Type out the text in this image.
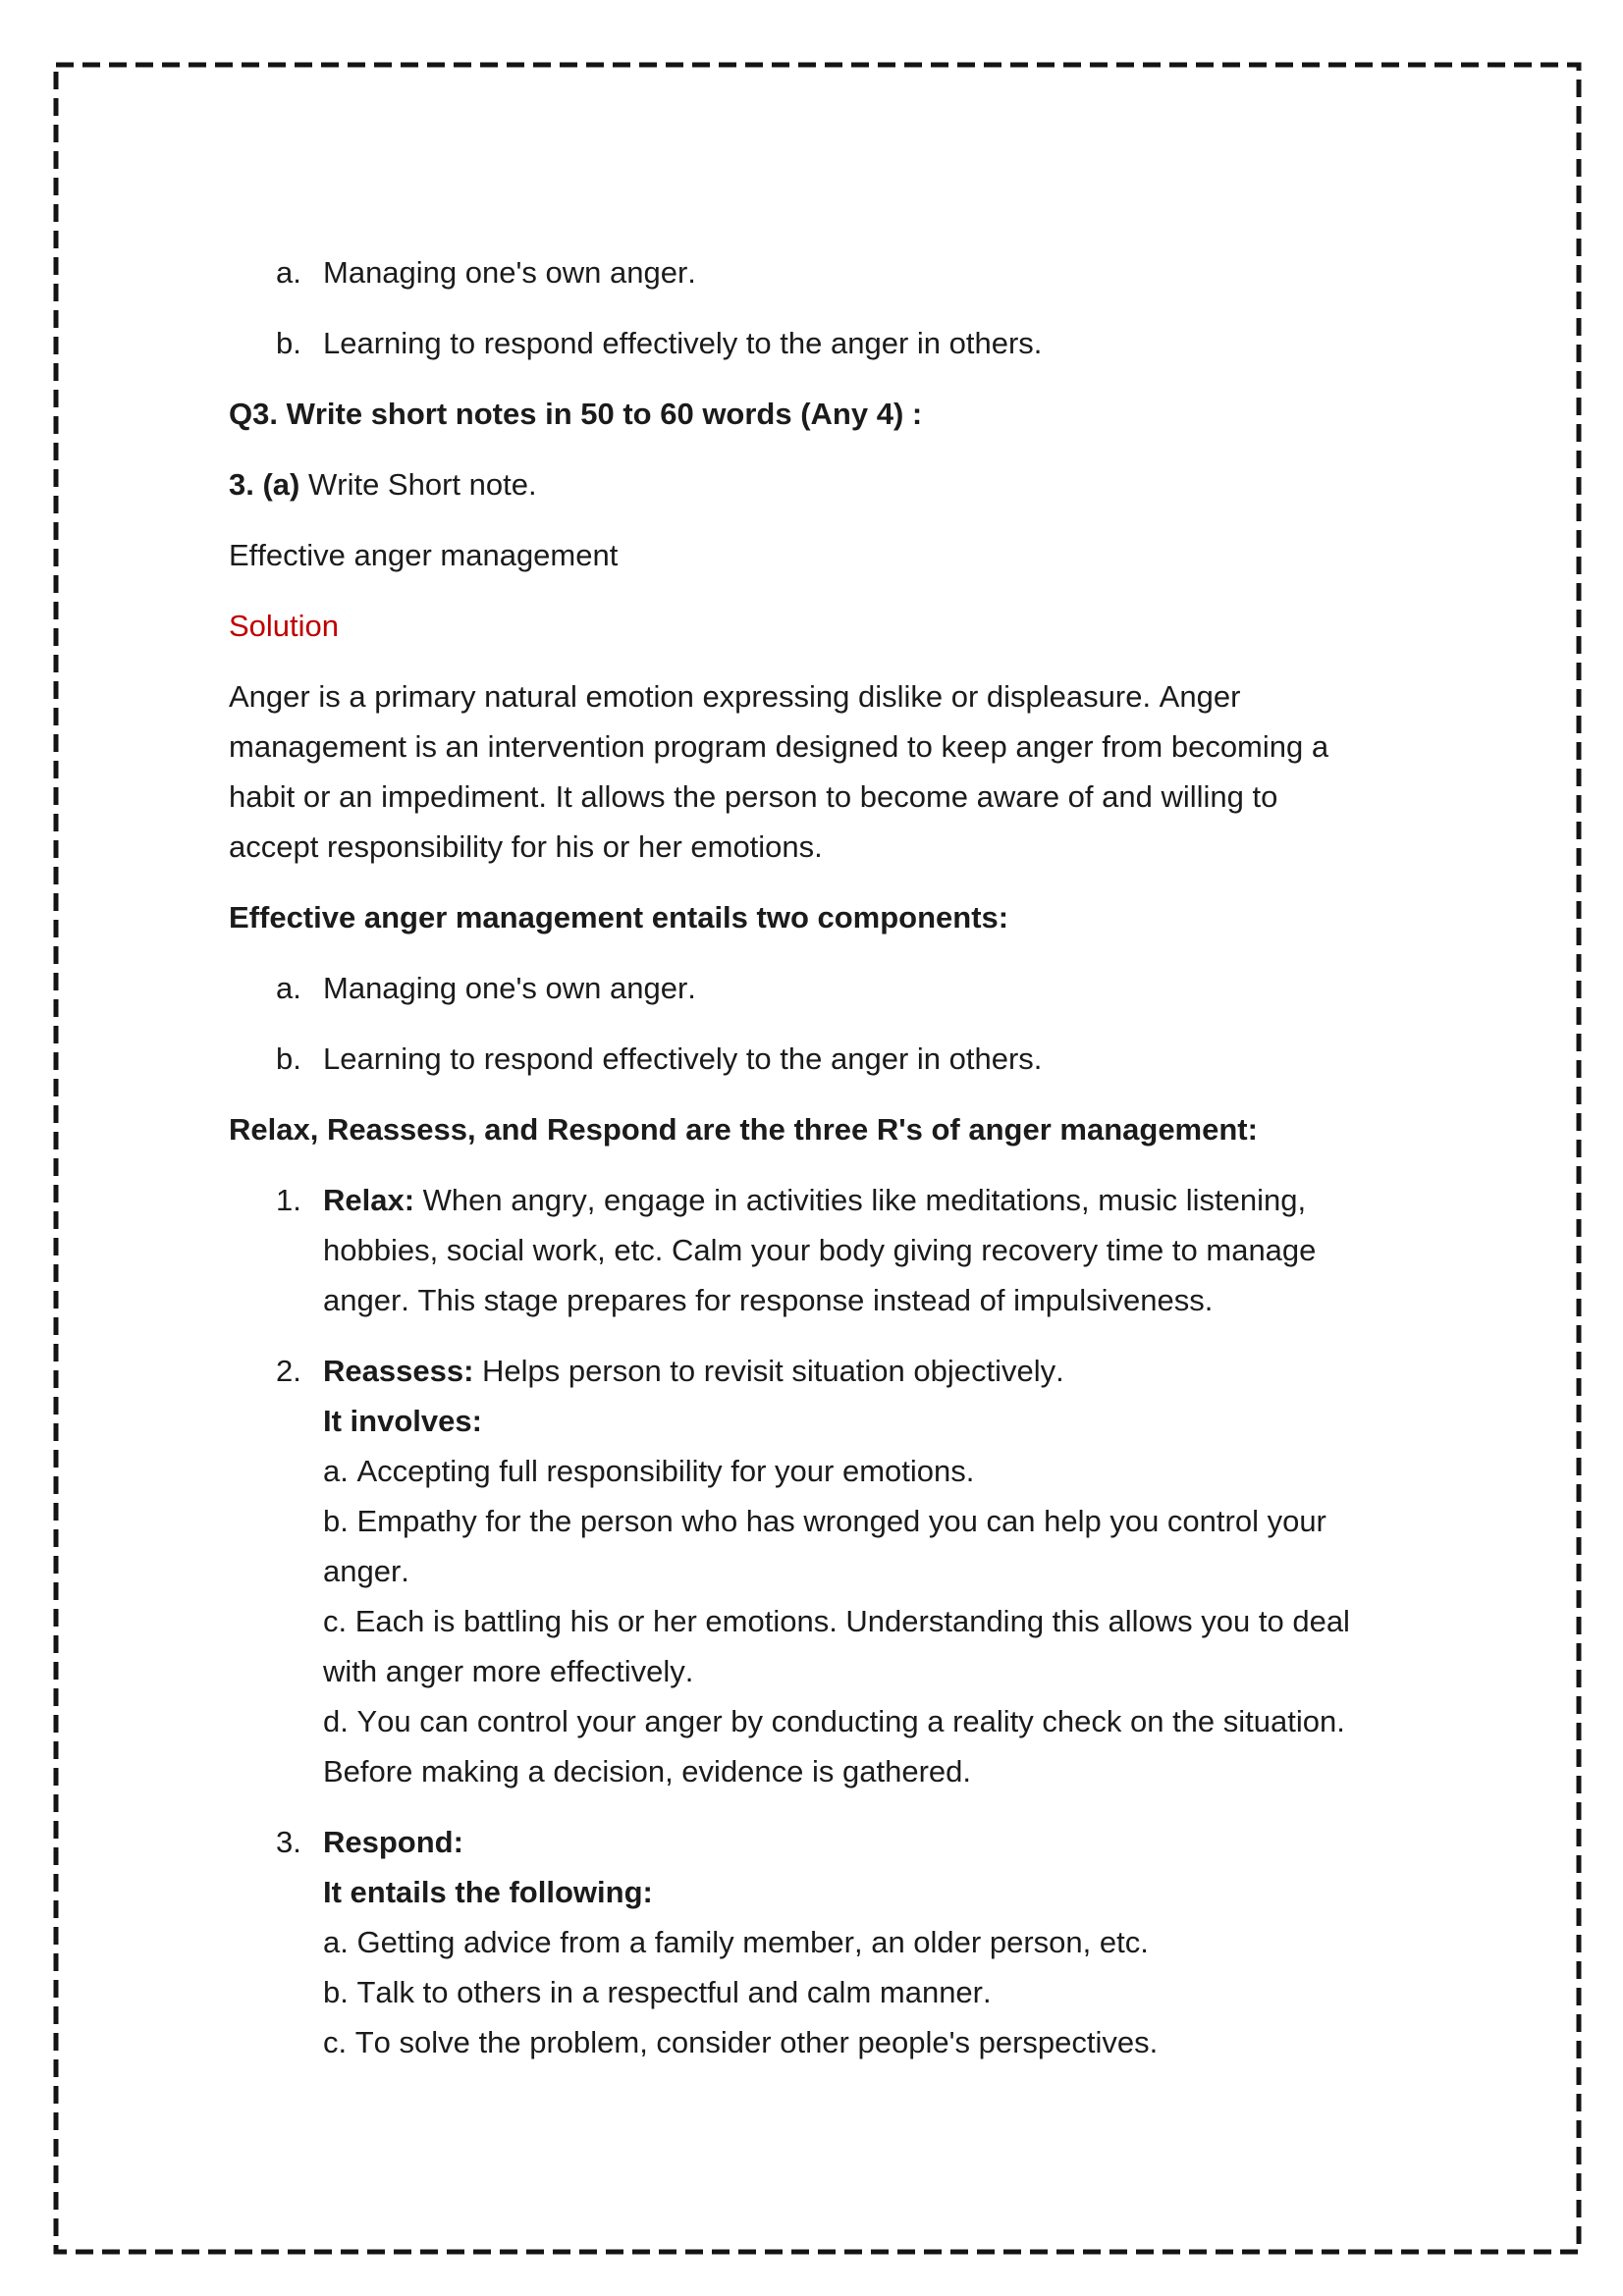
a. Managing one's own anger.
b. Learning to respond effectively to the anger in others.
Q3. Write short notes in 50 to 60 words (Any 4) :
3. (a) Write Short note.
Effective anger management
Solution
Anger is a primary natural emotion expressing dislike or displeasure. Anger management is an intervention program designed to keep anger from becoming a habit or an impediment. It allows the person to become aware of and willing to accept responsibility for his or her emotions.
Effective anger management entails two components:
a. Managing one's own anger.
b. Learning to respond effectively to the anger in others.
Relax, Reassess, and Respond are the three R's of anger management:
1. Relax: When angry, engage in activities like meditations, music listening, hobbies, social work, etc. Calm your body giving recovery time to manage anger. This stage prepares for response instead of impulsiveness.
2. Reassess: Helps person to revisit situation objectively.
It involves:
a. Accepting full responsibility for your emotions.
b. Empathy for the person who has wronged you can help you control your anger.
c. Each is battling his or her emotions. Understanding this allows you to deal with anger more effectively.
d. You can control your anger by conducting a reality check on the situation. Before making a decision, evidence is gathered.
3. Respond:
It entails the following:
a. Getting advice from a family member, an older person, etc.
b. Talk to others in a respectful and calm manner.
c. To solve the problem, consider other people's perspectives.
